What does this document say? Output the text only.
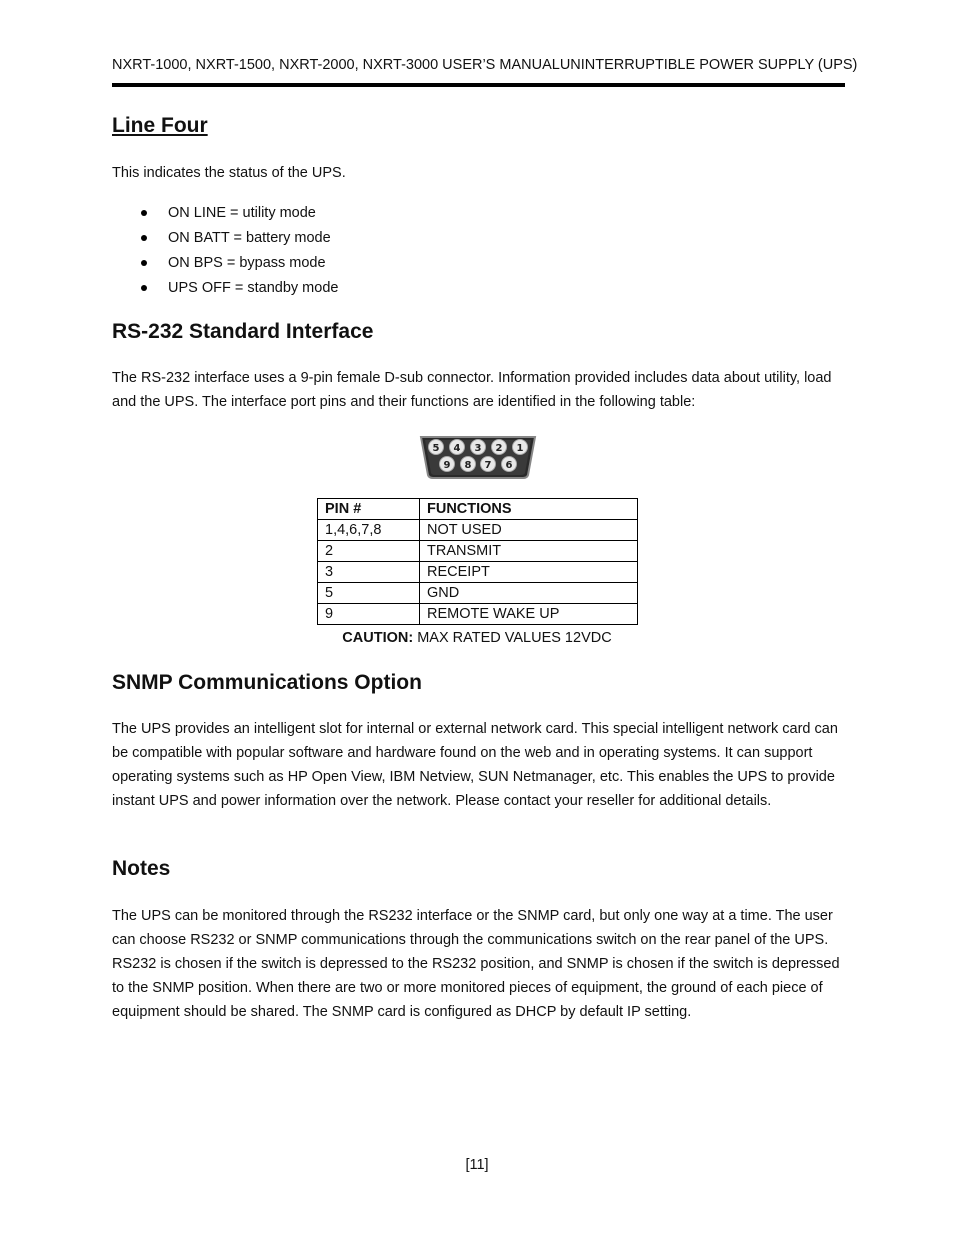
NXRT-1000, NXRT-1500, NXRT-2000, NXRT-3000 USER’S MANUALUNINTERRUPTIBLE POWER SUPPLY (UPS)
Line Four

This indicates the status of the UPS.

ON LINE = utility mode
ON BATT = battery mode
ON BPS = bypass mode
UPS OFF = standby mode
RS-232 Standard Interface

The RS-232 interface uses a 9-pin female D-sub connector. Information provided includes data about utility, load and the UPS. The interface port pins and their functions are identified in the following table:

5 4 3 2 1
9 8 7 6
PIN #	FUNCTIONS
1,4,6,7,8	NOT USED
2	TRANSMIT
3	RECEIPT
5	GND
9	REMOTE WAKE UP
CAUTION: MAX RATED VALUES 12VDC
SNMP Communications Option

The UPS provides an intelligent slot for internal or external network card. This special intelligent network card can be compatible with popular software and hardware found on the web and in operating systems. It can support operating systems such as HP Open View, IBM Netview, SUN Netmanager, etc. This enables the UPS to provide instant UPS and power information over the network. Please contact your reseller for additional details.

Notes

The UPS can be monitored through the RS232 interface or the SNMP card, but only one way at a time. The user can choose RS232 or SNMP communications through the communications switch on the rear panel of the UPS. RS232 is chosen if the switch is depressed to the RS232 position, and SNMP is chosen if the switch is depressed to the SNMP position. When there are two or more monitored pieces of equipment, the ground of each piece of equipment should be shared. The SNMP card is configured as DHCP by default IP setting.

[11]
